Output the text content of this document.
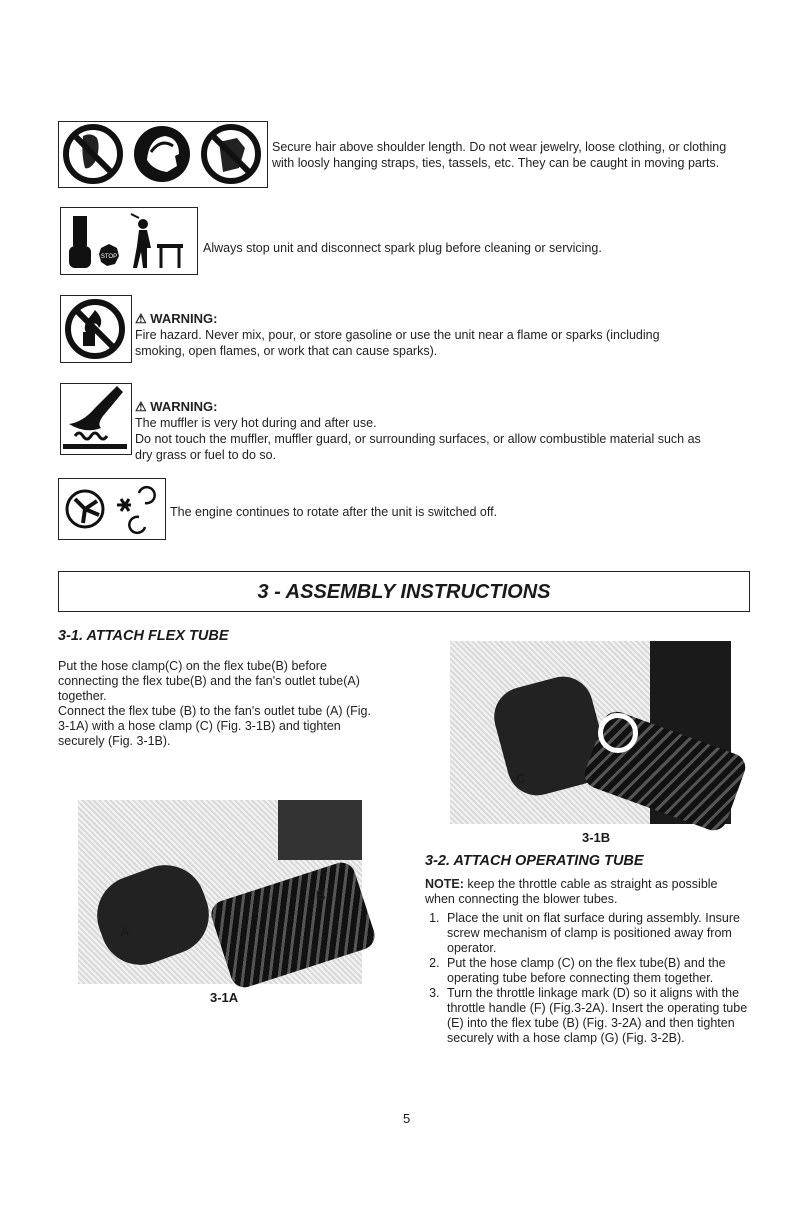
Secure hair above shoulder length. Do not wear jewelry, loose clothing, or clothing with loosly hanging straps, ties, tassels, etc. They can be caught in moving parts.
STOP
Always stop unit and disconnect spark plug before cleaning or servicing.
⚠ WARNING:
Fire hazard. Never mix, pour, or store gasoline or use the unit near a flame or sparks (including smoking, open flames, or work that can cause sparks).
⚠ WARNING:
The muffler is very hot during and after use.
Do not touch the muffler, muffler guard, or surrounding surfaces, or allow combustible material such as dry grass or fuel to do so.
The engine continues to rotate after the unit is switched off.
3 - ASSEMBLY INSTRUCTIONS
3-1. ATTACH FLEX TUBE
Put the hose clamp(C) on the flex tube(B) before connecting the flex tube(B) and the fan's outlet tube(A) together.
Connect the flex tube (B) to the fan's outlet tube (A) (Fig. 3-1A) with a hose clamp (C) (Fig. 3-1B) and tighten securely (Fig. 3-1B).
A
B
3-1A
C
3-1B
3-2. ATTACH OPERATING TUBE
NOTE: keep the throttle cable as straight as possible when connecting the blower tubes.
1. Place the unit on flat surface during assembly. Insure screw mechanism of clamp is positioned away from operator.
2. Put the hose clamp (C) on the flex tube(B) and the operating tube before connecting them together.
3. Turn the throttle linkage mark (D) so it aligns with the throttle handle (F) (Fig.3-2A). Insert the operating tube (E) into the flex tube (B) (Fig. 3-2A) and then tighten securely with a hose clamp (G) (Fig. 3-2B).
5
